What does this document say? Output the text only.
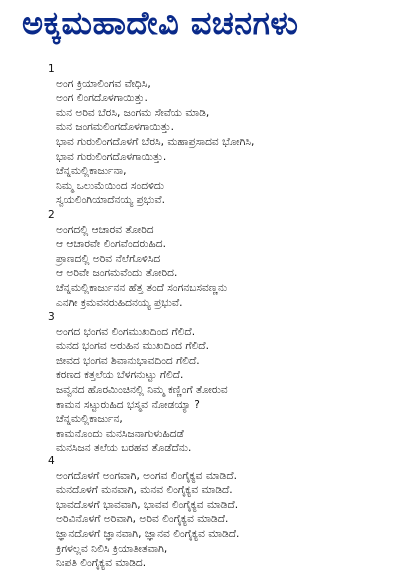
ಅಕ್ಕಮಹಾದೇವಿ ವಚನಗಳು
1
ಅಂಗ ಕ್ರಿಯಾಲಿಂಗವ ವೇಧಿಸಿ,
ಅಂಗ ಲಿಂಗದೊಳಗಾಯಿತ್ತು.
ಮನ ಅರಿವ ಬೆರಸಿ, ಜಂಗಮ ಸೇವೆಯ ಮಾಡಿ,
ಮನ ಜಂಗಮಲಿಂಗದೊಳಗಾಯಿತ್ತು.
ಭಾವ ಗುರುಲಿಂಗದೊಳಗೆ ಬೆರಸಿ, ಮಹಾಪ್ರಸಾದವ ಭೋಗಿಸಿ,
ಭಾವ ಗುರುಲಿಂಗದೊಳಗಾಯಿತ್ತು.
ಚೆನ್ನಮಲ್ಲಿಕಾರ್ಜುನಾ,
ನಿಮ್ಮ ಒಲುಮೆಯಿಂದ ಸಂದಳಿದು
ಸ್ವಯಲಿಂಗಿಯಾದೆನಯ್ಯ ಪ್ರಭುವೆ.
2
ಅಂಗದಲ್ಲಿ ಆಚಾರವ ತೋರಿದ
ಆ ಆಚಾರವೇ ಲಿಂಗವೆಂದರುಹಿದ.
ಪ್ರಾಣದಲ್ಲಿ ಅರಿವ ನೆಲೆಗೊಳಿಸಿದ
ಆ ಅರಿವೇ ಜಂಗಮವೆಂದು ತೋರಿದ.
ಚೆನ್ನಮಲ್ಲಿಕಾರ್ಜುನನ ಹೆತ್ತ ತಂದೆ ಸಂಗನಬಸವಣ್ಣನು
ಎನಗೀ ಕ್ರಮವನರುಹಿದನಯ್ಯ ಪ್ರಭುವೆ.
3
ಅಂಗದ ಭಂಗವ ಲಿಂಗಮುಖದಿಂದ ಗೆಲಿದೆ.
ಮನದ ಭಂಗವ ಅರುಹಿನ ಮುಖದಿಂದ ಗೆಲಿದೆ.
ಜೀವದ ಭಂಗವ ಶಿವಾನುಭಾವದಿಂದ ಗೆಲಿದೆ.
ಕರಣದ ಕತ್ತಲೆಯ ಬೆಳಗನುಟ್ಟು ಗೆಲಿದೆ.
ಜವ್ವನದ ಹೊರಮಿಂಚಿನಲ್ಲಿ ನಿಮ್ಮ ಕಣ್ಣಿಂಗೆ ತೋರುವ
ಕಾಮನ ಸಟ್ಟುರುಹಿದ ಭಸ್ಮವ ನೋಡಯ್ಯಾ ?
ಚೆನ್ನಮಲ್ಲಿಕಾರ್ಜುನ,
ಕಾಮನೊಂದು ಮನಸಿಜನಾಗುಳುಹಿದಡೆ
ಮನಸಿಜನ ತಲೆಯ ಬರಹವ ತೊಡೆದೆನು.
4
ಅಂಗದೊಳಗೆ ಅಂಗವಾಗಿ, ಅಂಗವ ಲಿಂಗೈಕ್ಯವ ಮಾಡಿದೆ.
ಮನದೊಳಗೆ ಮನವಾಗಿ, ಮನವ ಲಿಂಗೈಕ್ಯವ ಮಾಡಿದೆ.
ಭಾವದೊಳಗೆ ಭಾವವಾಗಿ, ಭಾವವ ಲಿಂಗೈಕ್ಯವ ಮಾಡಿದೆ.
ಅರಿವಿನೊಳಗೆ ಅರಿವಾಗಿ, ಅರಿವ ಲಿಂಗೈಕ್ಯವ ಮಾಡಿದೆ.
ಜ್ಞಾನದೊಳಗೆ ಜ್ಞಾನವಾಗಿ, ಜ್ಞಾನವ ಲಿಂಗೈಕ್ಯವ ಮಾಡಿದೆ.
ಕ್ರಿಗಳಲ್ಲವ ನಿಲಿಸಿ ಕ್ರಿಯಾತೀತವಾಗಿ,
ನಿಃಪತಿ ಲಿಂಗೈಕ್ಯವ ಮಾಡಿದ.
